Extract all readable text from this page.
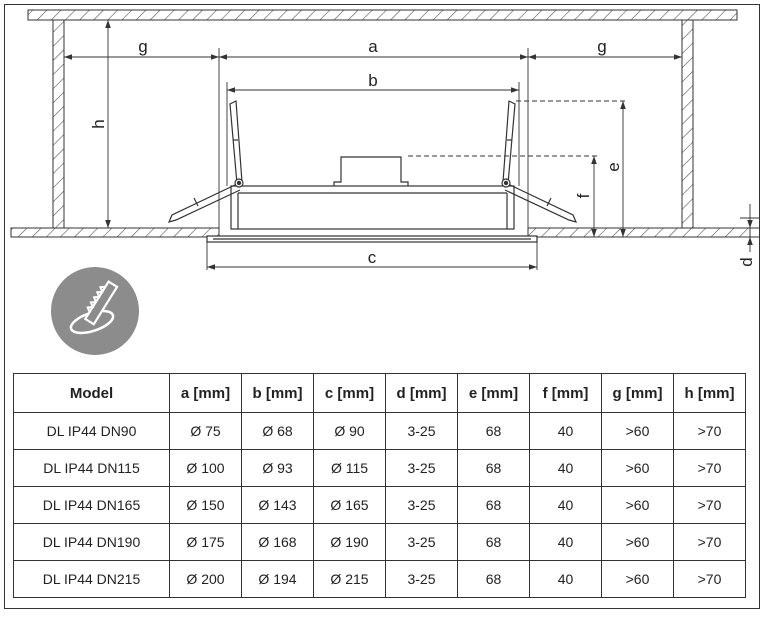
g	a	g
b
c
h
e
f
d
Model	a [mm]	b [mm]	c [mm]	d [mm]	e [mm]	f [mm]	g [mm]	h [mm]
DL IP44 DN90	Ø 75	Ø 68	Ø 90	3-25	68	40	>60	>70
DL IP44 DN115	Ø 100	Ø 93	Ø 115	3-25	68	40	>60	>70
DL IP44 DN165	Ø 150	Ø 143	Ø 165	3-25	68	40	>60	>70
DL IP44 DN190	Ø 175	Ø 168	Ø 190	3-25	68	40	>60	>70
DL IP44 DN215	Ø 200	Ø 194	Ø 215	3-25	68	40	>60	>70
